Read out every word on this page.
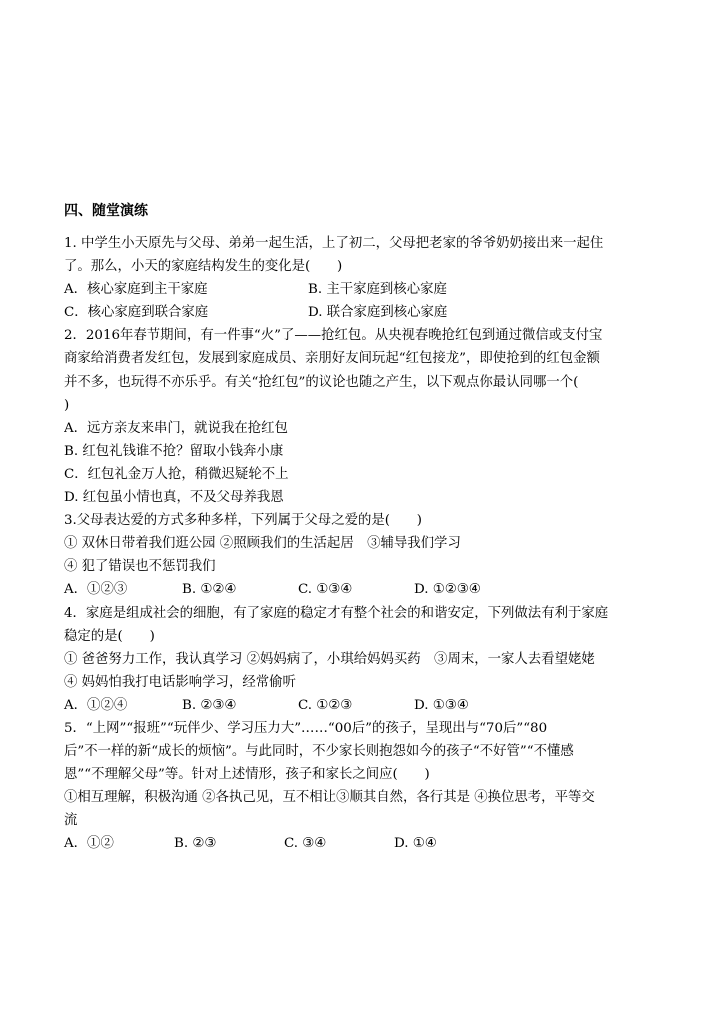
四、随堂演练
1. 中学生小天原先与父母、弟弟一起生活，上了初二，父母把老家的爷爷奶奶接出来一起住
了。那么，小天的家庭结构发生的变化是(　　)
A．核心家庭到主干家庭	B. 主干家庭到核心家庭
C．核心家庭到联合家庭	D. 联合家庭到核心家庭
2．2016年春节期间，有一件事“火”了——抢红包。从央视春晚抢红包到通过微信或支付宝
商家给消费者发红包，发展到家庭成员、亲朋好友间玩起“红包接龙”，即使抢到的红包金额
并不多，也玩得不亦乐乎。有关“抢红包”的议论也随之产生，以下观点你最认同哪一个(
)
A．远方亲友来串门，就说我在抢红包
B. 红包礼钱谁不抢？留取小钱奔小康
C．红包礼金万人抢，稍微迟疑轮不上
D. 红包虽小情也真，不及父母养我恩
3.父母表达爱的方式多种多样，下列属于父母之爱的是(　　)
① 双休日带着我们逛公园 ②照顾我们的生活起居　③辅导我们学习
④ 犯了错误也不惩罚我们
A．①②③	B. ①②④	C. ①③④	D. ①②③④
4．家庭是组成社会的细胞，有了家庭的稳定才有整个社会的和谐安定，下列做法有利于家庭
稳定的是(　　)
① 爸爸努力工作，我认真学习 ②妈妈病了，小琪给妈妈买药　③周末，一家人去看望姥姥
④ 妈妈怕我打电话影响学习，经常偷听
A．①②④	B. ②③④	C. ①②③	D. ①③④
5．“上网”“报班”“玩伴少、学习压力大”……“00后”的孩子，呈现出与“70后”“80
后”不一样的新“成长的烦恼”。与此同时，不少家长则抱怨如今的孩子“不好管”“不懂感
恩”“不理解父母”等。针对上述情形，孩子和家长之间应(　　)
①相互理解，积极沟通 ②各执己见，互不相让③顺其自然，各行其是 ④换位思考，平等交
流
A．①②	B. ②③	C. ③④	D. ①④
